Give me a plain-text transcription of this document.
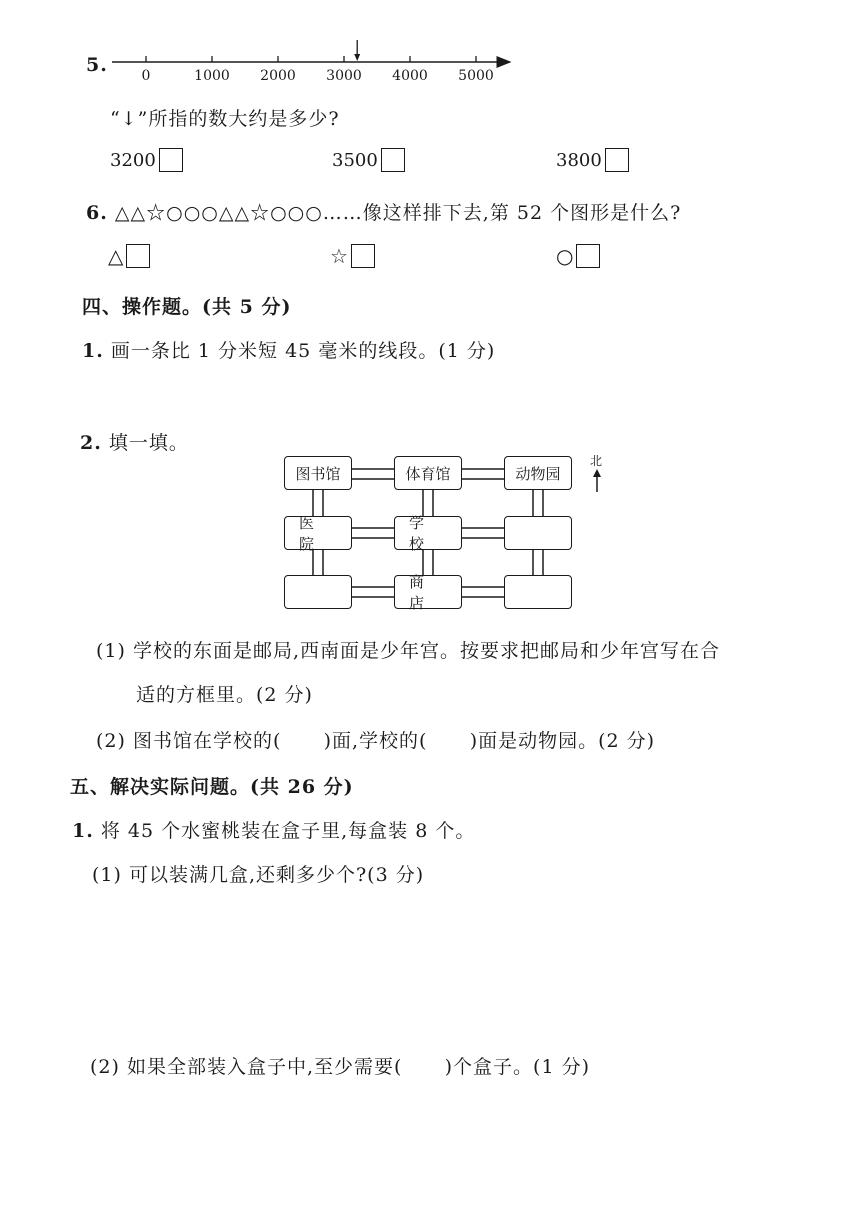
5. 0	1000 2000 3000 4000 5000
“↓”所指的数大约是多少?
3200	3500	3800
6. △△☆○○○△△☆○○○……像这样排下去,第 52 个图形是什么?
△	☆	○
四、操作题。(共 5 分)
1. 画一条比 1 分米短 45 毫米的线段。(1 分)
2. 填一填。
北
图书馆	体育馆	动物园
医 院
学 校
商 店
(1) 学校的东面是邮局,西南面是少年宫。按要求把邮局和少年宫写在合
适的方框里。(2 分)
(2) 图书馆在学校的(      )面,学校的(      )面是动物园。(2 分)
五、解决实际问题。(共 26 分)
1. 将 45 个水蜜桃装在盒子里,每盒装 8 个。
(1) 可以装满几盒,还剩多少个?(3 分)
(2) 如果全部装入盒子中,至少需要(      )个盒子。(1 分)
